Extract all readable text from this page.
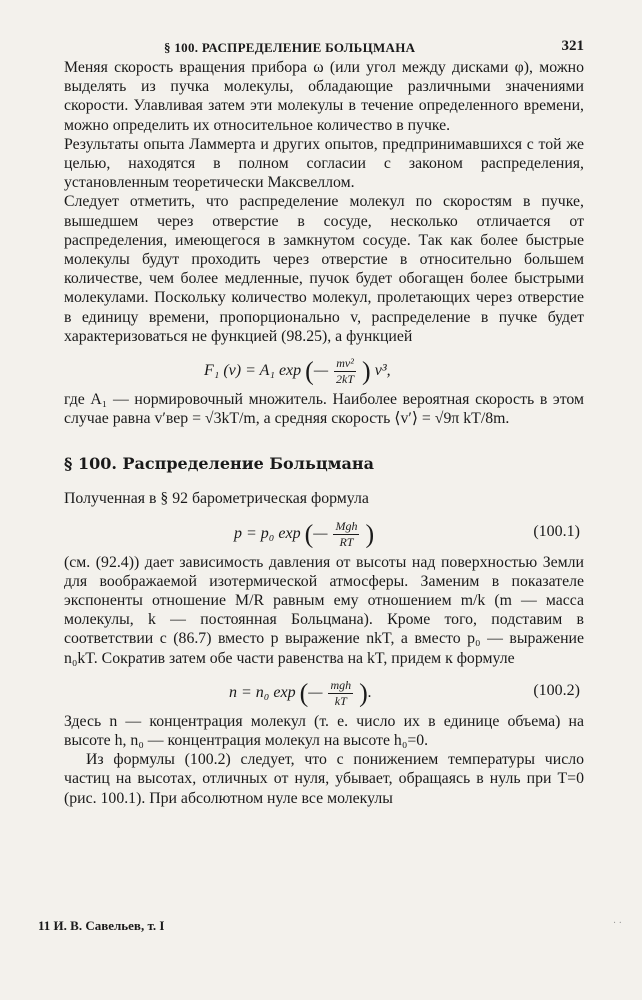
§ 100. РАСПРЕДЕЛЕНИЕ БОЛЬЦМАНА	321

Меняя скорость вращения прибора ω (или угол между дисками φ), можно выделять из пучка молекулы, обладающие различными значениями скорости. Улавливая затем эти молекулы в течение определенного времени, можно определить их относительное количество в пучке.

Результаты опыта Ламмерта и других опытов, предпринимавшихся с той же целью, находятся в полном согласии с законом распределения, установленным теоретически Максвеллом.

Следует отметить, что распределение молекул по скоростям в пучке, вышедшем через отверстие в сосуде, несколько отличается от распределения, имеющегося в замкнутом сосуде. Так как более быстрые молекулы будут проходить через отверстие в относительно большем количестве, чем более медленные, пучок будет обогащен более быстрыми молекулами. Поскольку количество молекул, пролетающих через отверстие в единицу времени, пропорционально v, распределение в пучке будет характеризоваться не функцией (98.25), а функцией

F₁ (v) = A₁ exp (— $\frac{\text{mv²}}{2kT}$ ) v³,

где A₁ — нормировочный множитель. Наиболее вероятная скорость в этом случае равна v′вер = √3kT/m, а средняя скорость ⟨v′⟩ = √9π kT/8m.

§ 100. Распределение Больцмана

Полученная в § 92 барометрическая формула

p = p₀ exp (— $\frac{\text{Mgh}}{RT}$ )	(100.1)

(см. (92.4)) дает зависимость давления от высоты над поверхностью Земли для воображаемой изотермической атмосферы. Заменим в показателе экспоненты отношение M/R равным ему отношением m/k (m — масса молекулы, k — постоянная Больцмана). Кроме того, подставим в соответствии с (86.7) вместо p выражение nkT, а вместо p₀ — выражение n₀kT. Сократив затем обе части равенства на kT, придем к формуле

n = n₀ exp (— $\frac{\text{mgh}}{kT}$ ).	(100.2)

Здесь n — концентрация молекул (т. е. число их в единице объема) на высоте h, n₀ — концентрация молекул на высоте h₀=0.

Из формулы (100.2) следует, что с понижением температуры число частиц на высотах, отличных от нуля, убывает, обращаясь в нуль при T=0 (рис. 100.1). При абсолютном нуле все молекулы

11 И. В. Савельев, т. I	· ·
